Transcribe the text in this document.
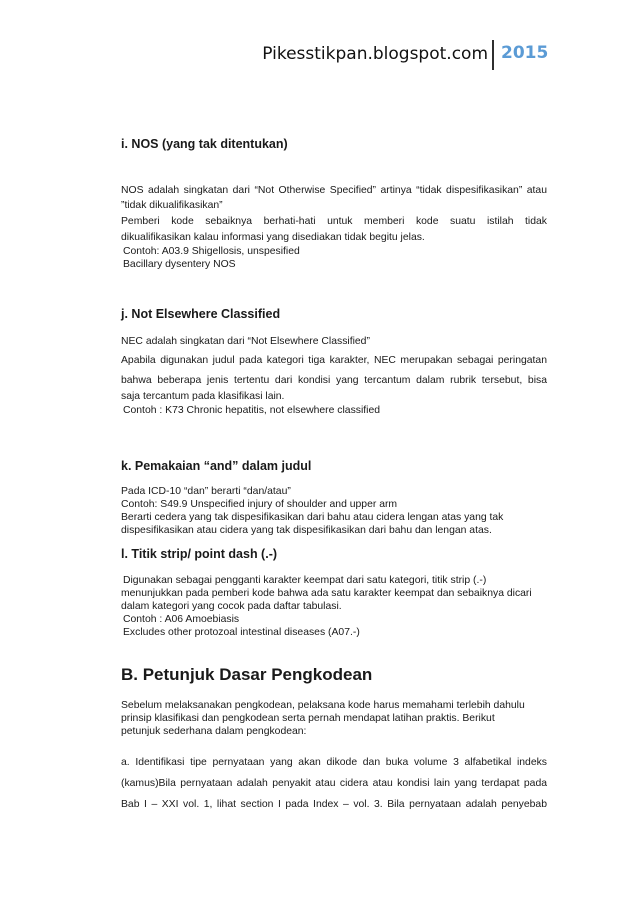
Pikesstikpan.blogspot.com 2015
i. NOS (yang tak ditentukan)

NOS adalah singkatan dari “Not Otherwise Specified” artinya “tidak dispesifikasikan” atau

”tidak dikualifikasikan”

Pemberi kode sebaiknya berhati-hati untuk memberi kode suatu istilah tidak

dikualifikasikan kalau informasi yang disediakan tidak begitu jelas.

Contoh: A03.9 Shigellosis, unspesified

Bacillary dysentery NOS

j. Not Elsewhere Classified

NEC adalah singkatan dari “Not Elsewhere Classified”

Apabila digunakan judul pada kategori tiga karakter, NEC merupakan sebagai peringatan

bahwa beberapa jenis tertentu dari kondisi yang tercantum dalam rubrik tersebut, bisa

saja tercantum pada klasifikasi lain.

Contoh : K73 Chronic hepatitis, not elsewhere classified

k. Pemakaian “and” dalam judul

Pada ICD-10 “dan” berarti “dan/atau”

Contoh: S49.9 Unspecified injury of shoulder and upper arm

Berarti cedera yang tak dispesifikasikan dari bahu atau cidera lengan atas yang tak

dispesifikasikan atau cidera yang tak dispesifikasikan dari bahu dan lengan atas.

l. Titik strip/ point dash (.-)

Digunakan sebagai pengganti karakter keempat dari satu kategori, titik strip (.-)

menunjukkan pada pemberi kode bahwa ada satu karakter keempat dan sebaiknya dicari

dalam kategori yang cocok pada daftar tabulasi.

Contoh : A06 Amoebiasis

Excludes other protozoal intestinal diseases (A07.-)

B. Petunjuk Dasar Pengkodean

Sebelum melaksanakan pengkodean, pelaksana kode harus memahami terlebih dahulu

prinsip klasifikasi dan pengkodean serta pernah mendapat latihan praktis. Berikut

petunjuk sederhana dalam pengkodean:

a. Identifikasi tipe pernyataan yang akan dikode dan buka volume 3 alfabetikal indeks

(kamus)Bila pernyataan adalah penyakit atau cidera atau kondisi lain yang terdapat pada

Bab I – XXI vol. 1, lihat section I pada Index – vol. 3. Bila pernyataan adalah penyebab
